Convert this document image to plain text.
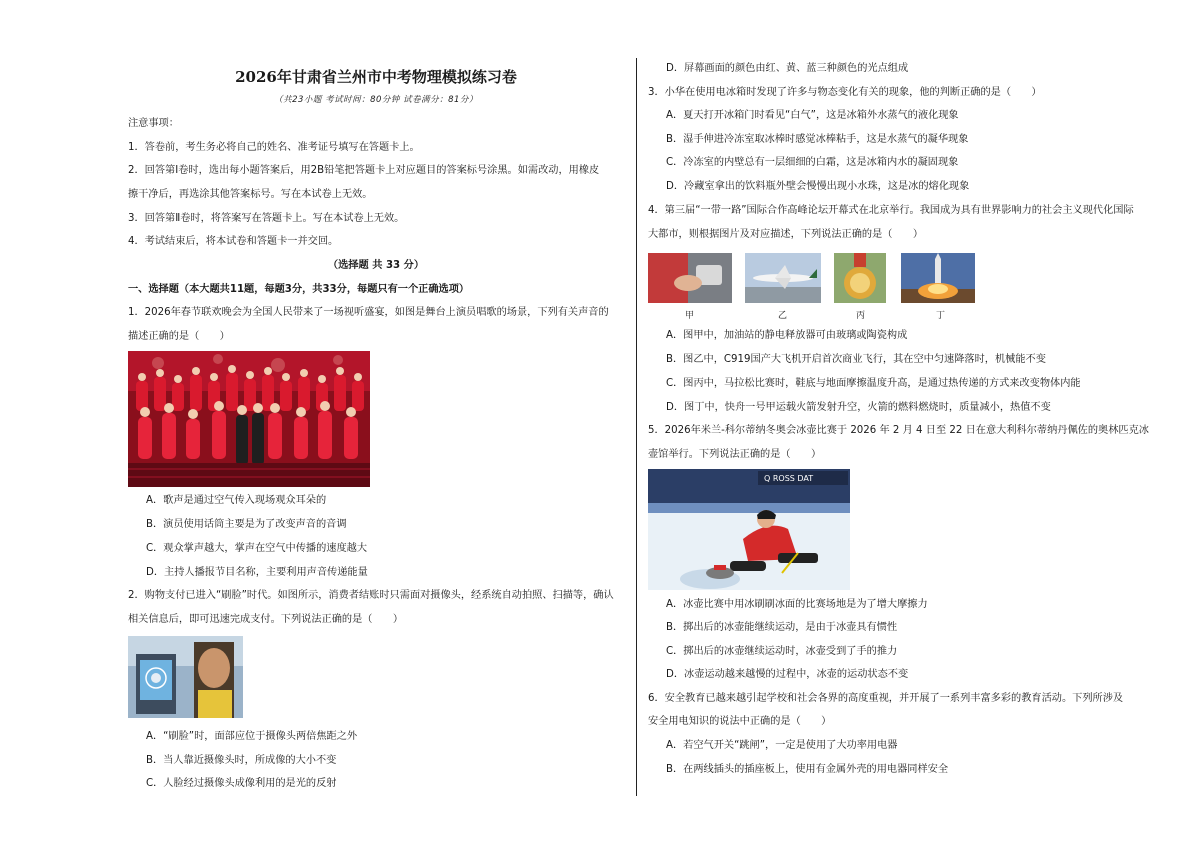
2026年甘肃省兰州市中考物理模拟练习卷
（共23小题 考试时间：80分钟 试卷满分：81分）
注意事项：
1．答卷前，考生务必将自己的姓名、准考证号填写在答题卡上。
2．回答第Ⅰ卷时，选出每小题答案后，用2B铅笔把答题卡上对应题目的答案标号涂黑。如需改动，用橡皮
擦干净后，再选涂其他答案标号。写在本试卷上无效。
3．回答第Ⅱ卷时，将答案写在答题卡上。写在本试卷上无效。
4．考试结束后，将本试卷和答题卡一并交回。
（选择题 共 33 分）
一、选择题（本大题共11题，每题3分，共33分，每题只有一个正确选项）
1．2026年春节联欢晚会为全国人民带来了一场视听盛宴，如图是舞台上演员唱歌的场景，下列有关声音的
描述正确的是（　　）
A．歌声是通过空气传入现场观众耳朵的
B．演员使用话筒主要是为了改变声音的音调
C．观众掌声越大，掌声在空气中传播的速度越大
D．主持人播报节目名称，主要利用声音传递能量
2．购物支付已进入“刷脸”时代。如图所示，消费者结账时只需面对摄像头，经系统自动拍照、扫描等，确认
相关信息后，即可迅速完成支付。下列说法正确的是（　　）
A．“刷脸”时，面部应位于摄像头两倍焦距之外
B．当人靠近摄像头时，所成像的大小不变
C．人脸经过摄像头成像利用的是光的反射
D．屏幕画面的颜色由红、黄、蓝三种颜色的光点组成
3．小华在使用电冰箱时发现了许多与物态变化有关的现象，他的判断正确的是（　　）
A．夏天打开冰箱门时看见“白气”，这是冰箱外水蒸气的液化现象
B．湿手伸进冷冻室取冰棒时感觉冰棒粘手，这是水蒸气的凝华现象
C．冷冻室的内壁总有一层细细的白霜，这是冰箱内水的凝固现象
D．冷藏室拿出的饮料瓶外壁会慢慢出现小水珠，这是冰的熔化现象
4．第三届“一带一路”国际合作高峰论坛开幕式在北京举行。我国成为具有世界影响力的社会主义现代化国际
大都市，则根据图片及对应描述，下列说法正确的是（　　）
甲	乙	丙	丁
A．图甲中，加油站的静电释放器可由玻璃或陶瓷构成
B．图乙中，C919国产大飞机开启首次商业飞行，其在空中匀速降落时，机械能不变
C．图丙中，马拉松比赛时，鞋底与地面摩擦温度升高，是通过热传递的方式来改变物体内能
D．图丁中，快舟一号甲运载火箭发射升空，火箭的燃料燃烧时，质量减小，热值不变
5．2026年米兰-科尔蒂纳冬奥会冰壶比赛于 2026 年 2 月 4 日至 22 日在意大利科尔蒂纳丹佩佐的奥林匹克冰
壶馆举行。下列说法正确的是（　　）
Q ROSS DAT
A．冰壶比赛中用冰刷刷冰面的比赛场地是为了增大摩擦力
B．掷出后的冰壶能继续运动，是由于冰壶具有惯性
C．掷出后的冰壶继续运动时，冰壶受到了手的推力
D．冰壶运动越来越慢的过程中，冰壶的运动状态不变
6．安全教育已越来越引起学校和社会各界的高度重视，并开展了一系列丰富多彩的教育活动。下列所涉及
安全用电知识的说法中正确的是（　　）
A．若空气开关“跳闸”，一定是使用了大功率用电器
B．在两线插头的插座板上，使用有金属外壳的用电器同样安全
